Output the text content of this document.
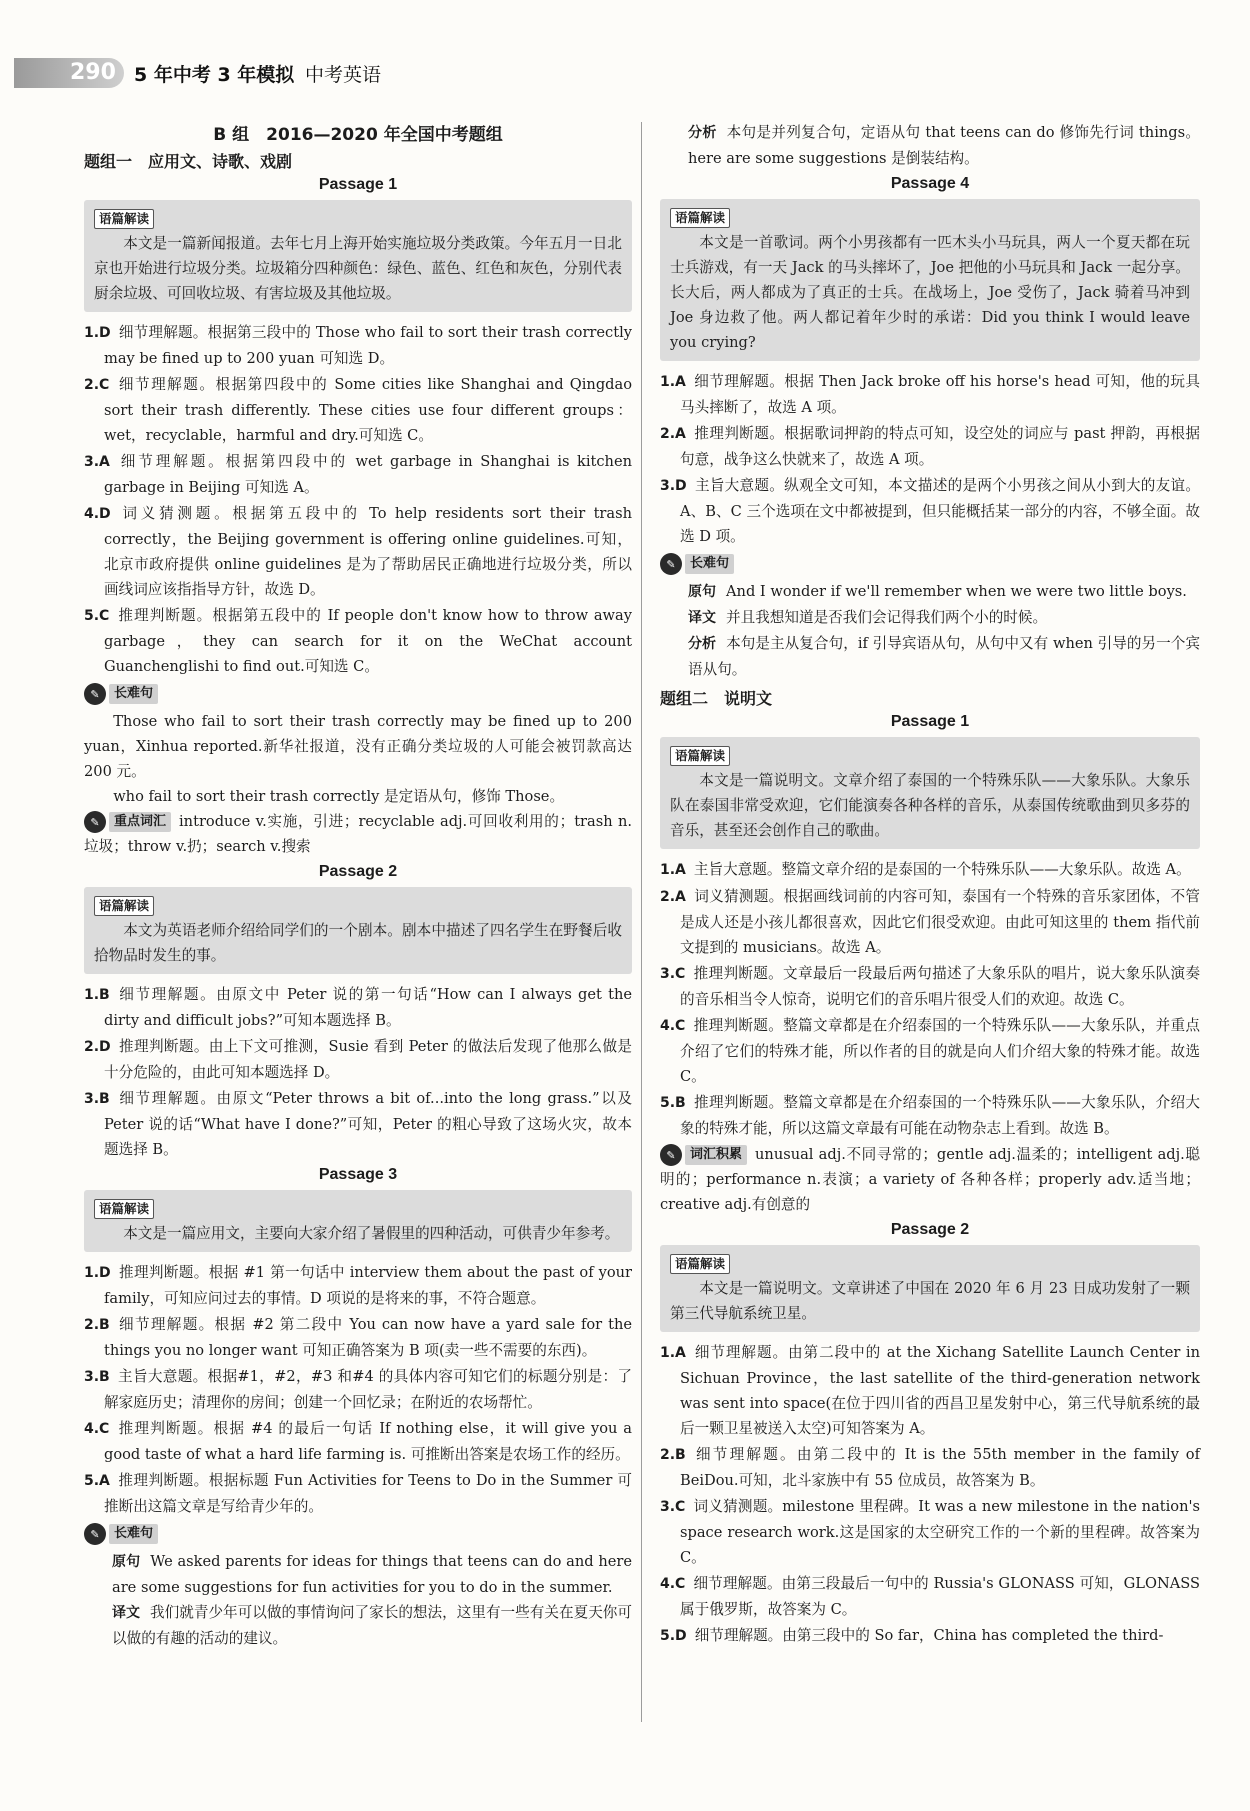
290 5 年中考 3 年模拟 中考英语
B 组　2016—2020 年全国中考题组
题组一　应用文、诗歌、戏剧
Passage 1
语篇解读
本文是一篇新闻报道。去年七月上海开始实施垃圾分类政策。今年五月一日北京也开始进行垃圾分类。垃圾箱分四种颜色：绿色、蓝色、红色和灰色，分别代表厨余垃圾、可回收垃圾、有害垃圾及其他垃圾。
1.D 细节理解题。根据第三段中的 Those who fail to sort their trash correctly may be fined up to 200 yuan 可知选 D。
2.C 细节理解题。根据第四段中的 Some cities like Shanghai and Qingdao sort their trash differently. These cities use four different groups：wet，recyclable，harmful and dry.可知选 C。
3.A 细节理解题。根据第四段中的 wet garbage in Shanghai is kitchen garbage in Beijing 可知选 A。
4.D 词义猜测题。根据第五段中的 To help residents sort their trash correctly，the Beijing government is offering online guidelines.可知，北京市政府提供 online guidelines 是为了帮助居民正确地进行垃圾分类，所以画线词应该指指导方针，故选 D。
5.C 推理判断题。根据第五段中的 If people don't know how to throw away garbage，they can search for it on the WeChat account Guanchenglishi to find out.可知选 C。
✎	长难句
Those who fail to sort their trash correctly may be fined up to 200 yuan，Xinhua reported.新华社报道，没有正确分类垃圾的人可能会被罚款高达 200 元。
who fail to sort their trash correctly 是定语从句，修饰 Those。
✎	重点词汇 introduce v.实施，引进；recyclable adj.可回收利用的；trash n.垃圾；throw v.扔；search v.搜索
Passage 2
语篇解读
本文为英语老师介绍给同学们的一个剧本。剧本中描述了四名学生在野餐后收拾物品时发生的事。
1.B 细节理解题。由原文中 Peter 说的第一句话“How can I always get the dirty and difficult jobs?”可知本题选择 B。
2.D 推理判断题。由上下文可推测，Susie 看到 Peter 的做法后发现了他那么做是十分危险的，由此可知本题选择 D。
3.B 细节理解题。由原文“Peter throws a bit of...into the long grass.”以及 Peter 说的话“What have I done?”可知，Peter 的粗心导致了这场火灾，故本题选择 B。
Passage 3
语篇解读
本文是一篇应用文，主要向大家介绍了暑假里的四种活动，可供青少年参考。
1.D 推理判断题。根据 #1 第一句话中 interview them about the past of your family，可知应问过去的事情。D 项说的是将来的事，不符合题意。
2.B 细节理解题。根据 #2 第二段中 You can now have a yard sale for the things you no longer want 可知正确答案为 B 项(卖一些不需要的东西)。
3.B 主旨大意题。根据#1，#2，#3 和#4 的具体内容可知它们的标题分别是：了解家庭历史；清理你的房间；创建一个回忆录；在附近的农场帮忙。
4.C 推理判断题。根据 #4 的最后一句话 If nothing else，it will give you a good taste of what a hard life farming is. 可推断出答案是农场工作的经历。
5.A 推理判断题。根据标题 Fun Activities for Teens to Do in the Summer 可推断出这篇文章是写给青少年的。
✎	长难句
原句 We asked parents for ideas for things that teens can do and here are some suggestions for fun activities for you to do in the summer.
译文 我们就青少年可以做的事情询问了家长的想法，这里有一些有关在夏天你可以做的有趣的活动的建议。
分析 本句是并列复合句，定语从句 that teens can do 修饰先行词 things。here are some suggestions 是倒装结构。
Passage 4
语篇解读
本文是一首歌词。两个小男孩都有一匹木头小马玩具，两人一个夏天都在玩士兵游戏，有一天 Jack 的马头摔坏了，Joe 把他的小马玩具和 Jack 一起分享。长大后，两人都成为了真正的士兵。在战场上，Joe 受伤了，Jack 骑着马冲到 Joe 身边救了他。两人都记着年少时的承诺：Did you think I would leave you crying?
1.A 细节理解题。根据 Then Jack broke off his horse's head 可知，他的玩具马头摔断了，故选 A 项。
2.A 推理判断题。根据歌词押韵的特点可知，设空处的词应与 past 押韵，再根据句意，战争这么快就来了，故选 A 项。
3.D 主旨大意题。纵观全文可知，本文描述的是两个小男孩之间从小到大的友谊。A、B、C 三个选项在文中都被提到，但只能概括某一部分的内容，不够全面。故选 D 项。
✎	长难句
原句 And I wonder if we'll remember when we were two little boys.
译文 并且我想知道是否我们会记得我们两个小的时候。
分析 本句是主从复合句，if 引导宾语从句，从句中又有 when 引导的另一个宾语从句。
题组二　说明文
Passage 1
语篇解读
本文是一篇说明文。文章介绍了泰国的一个特殊乐队——大象乐队。大象乐队在泰国非常受欢迎，它们能演奏各种各样的音乐，从泰国传统歌曲到贝多芬的音乐，甚至还会创作自己的歌曲。
1.A 主旨大意题。整篇文章介绍的是泰国的一个特殊乐队——大象乐队。故选 A。
2.A 词义猜测题。根据画线词前的内容可知，泰国有一个特殊的音乐家团体，不管是成人还是小孩儿都很喜欢，因此它们很受欢迎。由此可知这里的 them 指代前文提到的 musicians。故选 A。
3.C 推理判断题。文章最后一段最后两句描述了大象乐队的唱片，说大象乐队演奏的音乐相当令人惊奇，说明它们的音乐唱片很受人们的欢迎。故选 C。
4.C 推理判断题。整篇文章都是在介绍泰国的一个特殊乐队——大象乐队，并重点介绍了它们的特殊才能，所以作者的目的就是向人们介绍大象的特殊才能。故选 C。
5.B 推理判断题。整篇文章都是在介绍泰国的一个特殊乐队——大象乐队，介绍大象的特殊才能，所以这篇文章最有可能在动物杂志上看到。故选 B。
✎	词汇积累 unusual adj.不同寻常的；gentle adj.温柔的；intelligent adj.聪明的；performance n.表演；a variety of 各种各样；properly adv.适当地；creative adj.有创意的
Passage 2
语篇解读
本文是一篇说明文。文章讲述了中国在 2020 年 6 月 23 日成功发射了一颗第三代导航系统卫星。
1.A 细节理解题。由第二段中的 at the Xichang Satellite Launch Center in Sichuan Province，the last satellite of the third-generation network was sent into space(在位于四川省的西昌卫星发射中心，第三代导航系统的最后一颗卫星被送入太空)可知答案为 A。
2.B 细节理解题。由第二段中的 It is the 55th member in the family of BeiDou.可知，北斗家族中有 55 位成员，故答案为 B。
3.C 词义猜测题。milestone 里程碑。It was a new milestone in the nation's space research work.这是国家的太空研究工作的一个新的里程碑。故答案为 C。
4.C 细节理解题。由第三段最后一句中的 Russia's GLONASS 可知，GLONASS 属于俄罗斯，故答案为 C。
5.D 细节理解题。由第三段中的 So far，China has completed the third-
